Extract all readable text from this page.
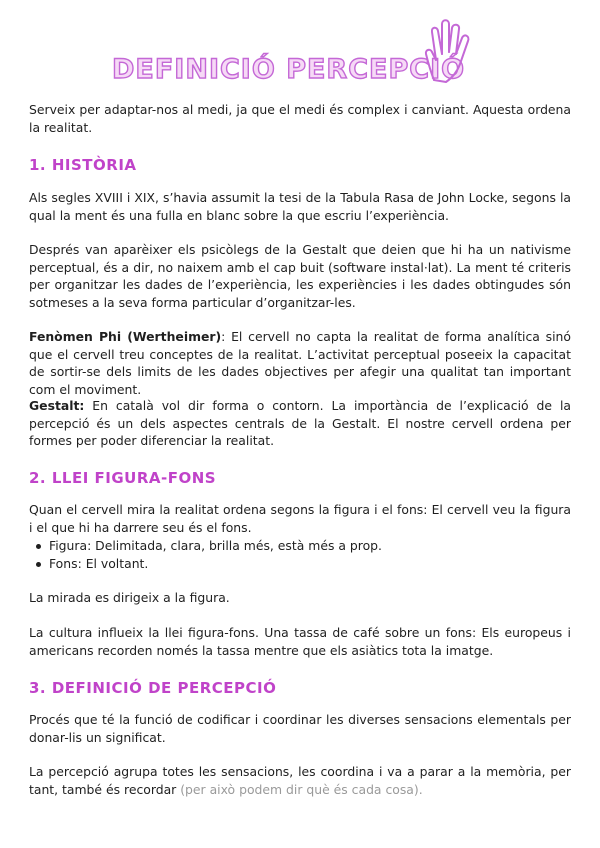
DEFINICIÓ PERCEPCIÓ

Serveix per adaptar-nos al medi, ja que el medi és complex i canviant. Aquesta ordena la realitat.

1. HISTÒRIA

Als segles XVIII i XIX, s’havia assumit la tesi de la Tabula Rasa de John Locke, segons la qual la ment és una fulla en blanc sobre la que escriu l’experiència.

Després van aparèixer els psicòlegs de la Gestalt que deien que hi ha un nativisme perceptual, és a dir, no naixem amb el cap buit (software instal·lat). La ment té criteris per organitzar les dades de l’experiència, les experiències i les dades obtingudes són sotmeses a la seva forma particular d’organitzar-les.

Fenòmen Phi (Wertheimer): El cervell no capta la realitat de forma analítica sinó que el cervell treu conceptes de la realitat. L’activitat perceptual poseeix la capacitat de sortir-se dels limits de les dades objectives per afegir una qualitat tan important com el moviment.

Gestalt: En català vol dir forma o contorn. La importància de l’explicació de la percepció és un dels aspectes centrals de la Gestalt. El nostre cervell ordena per formes per poder diferenciar la realitat.

2. LLEI FIGURA-FONS

Quan el cervell mira la realitat ordena segons la figura i el fons: El cervell veu la figura i el que hi ha darrere seu és el fons.

Figura: Delimitada, clara, brilla més, està més a prop.
Fons: El voltant.

La mirada es dirigeix a la figura.

La cultura influeix la llei figura-fons. Una tassa de café sobre un fons: Els europeus i americans recorden només la tassa mentre que els asiàtics tota la imatge.

3. DEFINICIÓ DE PERCEPCIÓ

Procés que té la funció de codificar i coordinar les diverses sensacions elementals per donar-lis un significat.

La percepció agrupa totes les sensacions, les coordina i va a parar a la memòria, per tant, també és recordar (per això podem dir què és cada cosa).
